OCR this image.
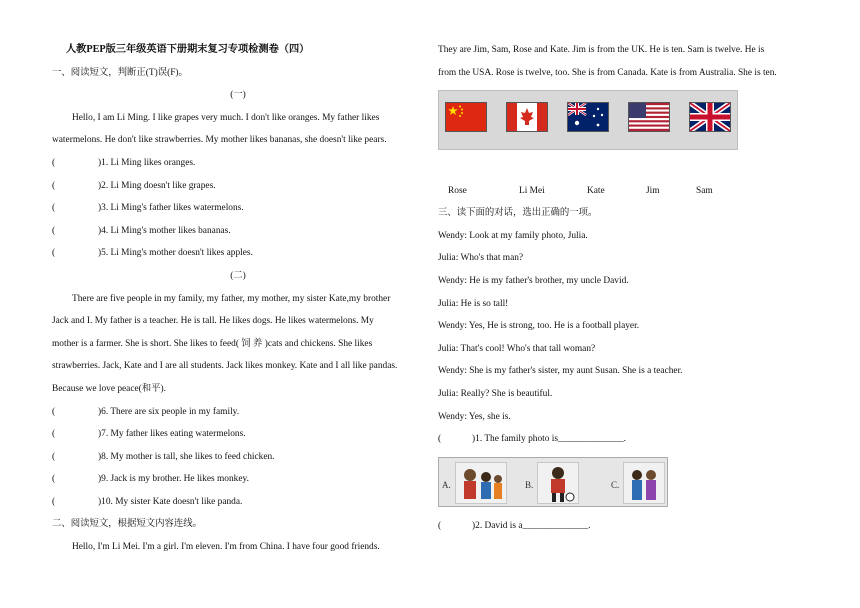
人教PEP版三年级英语下册期末复习专项检测卷（四）
一、阅读短文，判断正(T)误(F)。
(一)
Hello, I am Li Ming. I like grapes very much. I don't like oranges. My father likes
watermelons. He don't like strawberries. My mother likes bananas, she doesn't like pears.
(	)1. Li Ming likes oranges.
(	)2. Li Ming doesn't like grapes.
(	)3. Li Ming's father likes watermelons.
(	)4. Li Ming's mother likes bananas.
(	)5. Li Ming's mother doesn't likes apples.
(二)
There are five people in my family, my father, my mother, my sister Kate,my brother
Jack and I. My father is a teacher. He is tall. He likes dogs. He likes watermelons. My
mother is a farmer. She is short. She likes to feed( 饲 养 )cats and chickens. She likes
strawberries. Jack, Kate and I are all students. Jack likes monkey. Kate and I all like pandas.
Because we love peace(和平).
(	)6. There are six people in my family.
(	)7. My father likes eating watermelons.
(	)8. My mother is tall, she likes to feed chicken.
(	)9. Jack is my brother. He likes monkey.
(	)10. My sister Kate doesn't like panda.
二、阅读短文，根据短文内容连线。
Hello, I'm Li Mei. I'm a girl. I'm eleven. I'm from China. I have four good friends.
They are Jim, Sam, Rose and Kate. Jim is from the UK. He is ten. Sam is twelve. He is
from the USA. Rose is twelve, too. She is from Canada. Kate is from Australia. She is ten.
Rose	Li Mei	Kate	Jim	Sam
三、读下面的对话，选出正确的一项。
Wendy: Look at my family photo, Julia.
Julia: Who's that man?
Wendy: He is my father's brother, my uncle David.
Julia: He is so tall!
Wendy: Yes, He is strong, too. He is a football player.
Julia: That's cool! Who's that tall woman?
Wendy: She is my father's sister, my aunt Susan. She is a teacher.
Julia: Really? She is beautiful.
Wendy: Yes, she is.
(	)1. The family photo is______________.
A.	B.	C.
(	)2. David is a______________.
